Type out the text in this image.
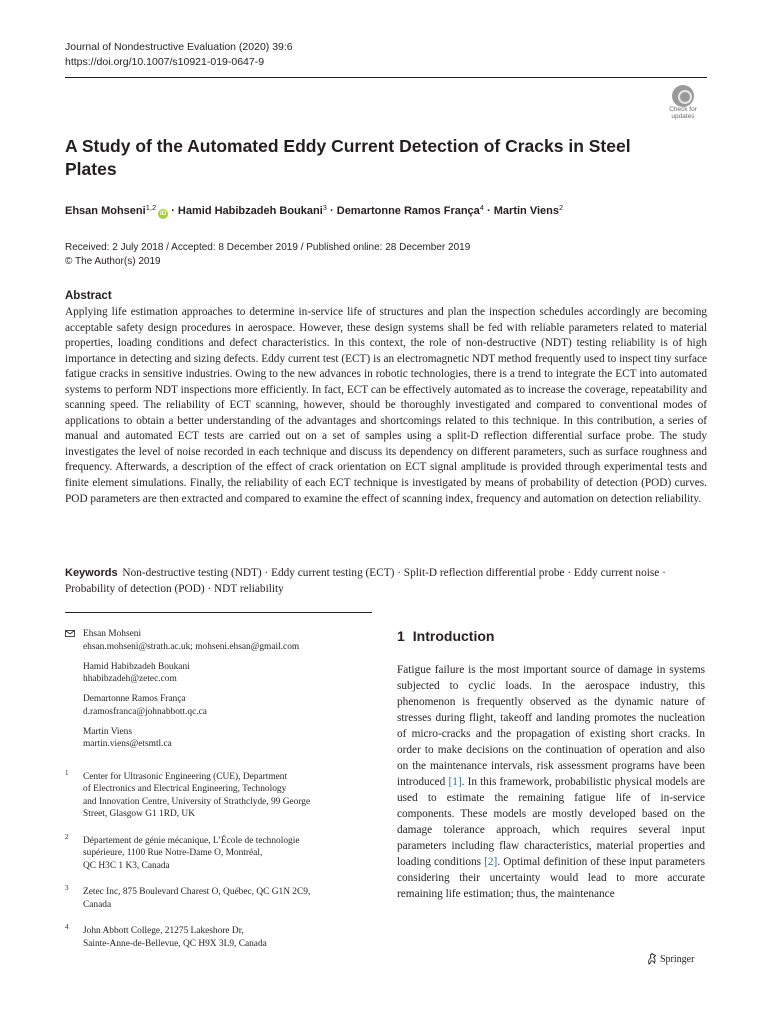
Journal of Nondestructive Evaluation (2020) 39:6
https://doi.org/10.1007/s10921-019-0647-9
Check for
updates
A Study of the Automated Eddy Current Detection of Cracks in Steel Plates
Ehsan Mohseni$^{1,2}$iD · Hamid Habibzadeh Boukani$^3$ · Demartonne Ramos França$^4$ · Martin Viens$^2$
Received: 2 July 2018 / Accepted: 8 December 2019 / Published online: 28 December 2019
© The Author(s) 2019
Abstract

Applying life estimation approaches to determine in-service life of structures and plan the inspection schedules accordingly are becoming acceptable safety design procedures in aerospace. However, these design systems shall be fed with reliable parameters related to material properties, loading conditions and defect characteristics. In this context, the role of non-destructive (NDT) testing reliability is of high importance in detecting and sizing defects. Eddy current test (ECT) is an electromagnetic NDT method frequently used to inspect tiny surface fatigue cracks in sensitive industries. Owing to the new advances in robotic technologies, there is a trend to integrate the ECT into automated systems to perform NDT inspections more efficiently. In fact, ECT can be effectively automated as to increase the coverage, repeatability and scanning speed. The reliability of ECT scanning, however, should be thoroughly investigated and compared to conventional modes of applications to obtain a better understanding of the advantages and shortcomings related to this technique. In this contribution, a series of manual and automated ECT tests are carried out on a set of samples using a split-D reflection differential surface probe. The study investigates the level of noise recorded in each technique and discuss its dependency on different parameters, such as surface roughness and frequency. Afterwards, a description of the effect of crack orientation on ECT signal amplitude is provided through experimental tests and finite element simulations. Finally, the reliability of each ECT technique is investigated by means of probability of detection (POD) curves. POD parameters are then extracted and compared to examine the effect of scanning index, frequency and automation on detection reliability.

Keywords Non-destructive testing (NDT) · Eddy current testing (ECT) · Split-D reflection differential probe · Eddy current noise · Probability of detection (POD) · NDT reliability
Ehsan Mohseni
ehsan.mohseni@strath.ac.uk; mohseni.ehsan@gmail.com
Hamid Habibzadeh Boukani
hhabibzadeh@zetec.com
Demartonne Ramos França
d.ramosfranca@johnabbott.qc.ca
Martin Viens
martin.viens@etsmtl.ca
1 Center for Ultrasonic Engineering (CUE), Department
of Electronics and Electrical Engineering, Technology
and Innovation Centre, University of Strathclyde, 99 George
Street, Glasgow G1 1RD, UK
2 Département de génie mécanique, L’École de technologie
supérieure, 1100 Rue Notre-Dame O, Montréal,
QC H3C 1 K3, Canada
3 Zetec Inc, 875 Boulevard Charest O, Québec, QC G1N 2C9,
Canada
4 John Abbott College, 21275 Lakeshore Dr,
Sainte-Anne-de-Bellevue, QC H9X 3L9, Canada
1 Introduction

Fatigue failure is the most important source of damage in systems subjected to cyclic loads. In the aerospace industry, this phenomenon is frequently observed as the dynamic nature of stresses during flight, takeoff and landing promotes the nucleation of micro-cracks and the propagation of existing short cracks. In order to make decisions on the continuation of operation and also on the maintenance intervals, risk assessment programs have been introduced [1]. In this framework, probabilistic physical models are used to estimate the remaining fatigue life of in-service components. These models are mostly developed based on the damage tolerance approach, which requires several input parameters including flaw characteristics, material properties and loading conditions [2]. Optimal definition of these input parameters considering their uncertainty would lead to more accurate remaining life estimation; thus, the maintenance

Springer
